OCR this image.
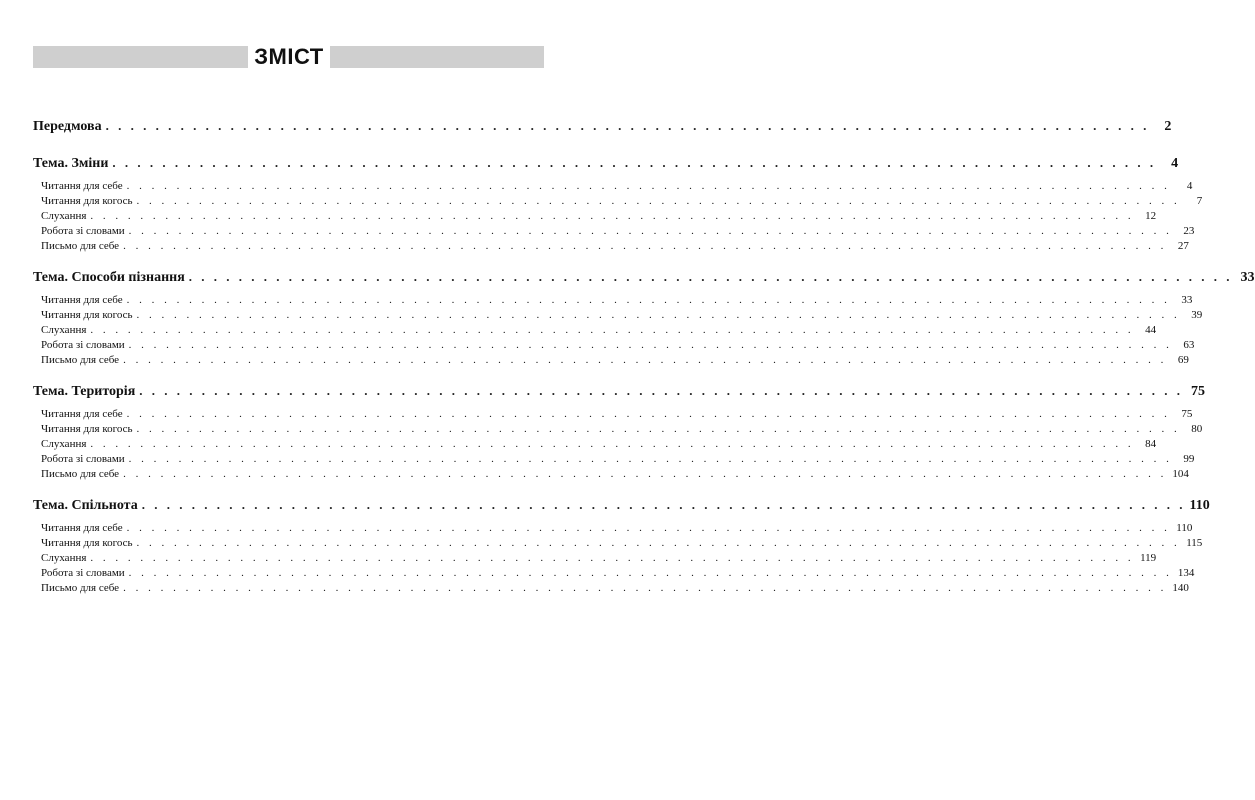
ЗМІСТ
Передмова . . . . . . . . . . . . . . . . . . . . . . . . . . . . . . . . . . . . . . . . . . . . . . . . . . . . . . . . . . . . . . . . . . . . . . . . . . . . . . . . . . . .	2
Тема. Зміни . . . . . . . . . . . . . . . . . . . . . . . . . . . . . . . . . . . . . . . . . . . . . . . . . . . . . . . . . . . . . . . . . . . . . . . . . . . . . . . . . . . .	4
Читання для себе . . . . . . . . . . . . . . . . . . . . . . . . . . . . . . . . . . . . . . . . . . . . . . . . . . . . . . . . . . . . . . . . . . . . . . . . . . . . . . . . . . . .	4
Читання для когось . . . . . . . . . . . . . . . . . . . . . . . . . . . . . . . . . . . . . . . . . . . . . . . . . . . . . . . . . . . . . . . . . . . . . . . . . . . . . . . . . . . .	7
Слухання . . . . . . . . . . . . . . . . . . . . . . . . . . . . . . . . . . . . . . . . . . . . . . . . . . . . . . . . . . . . . . . . . . . . . . . . . . . . . . . . . . . .	12
Робота зі словами . . . . . . . . . . . . . . . . . . . . . . . . . . . . . . . . . . . . . . . . . . . . . . . . . . . . . . . . . . . . . . . . . . . . . . . . . . . . . . . . . . . .	23
Письмо для себе . . . . . . . . . . . . . . . . . . . . . . . . . . . . . . . . . . . . . . . . . . . . . . . . . . . . . . . . . . . . . . . . . . . . . . . . . . . . . . . . . . . .	27
Тема. Способи пізнання . . . . . . . . . . . . . . . . . . . . . . . . . . . . . . . . . . . . . . . . . . . . . . . . . . . . . . . . . . . . . . . . . . . . . . . . . . . . . . . . . . . . 33
Читання для себе . . . . . . . . . . . . . . . . . . . . . . . . . . . . . . . . . . . . . . . . . . . . . . . . . . . . . . . . . . . . . . . . . . . . . . . . . . . . . . . . . . . .	33
Читання для когось . . . . . . . . . . . . . . . . . . . . . . . . . . . . . . . . . . . . . . . . . . . . . . . . . . . . . . . . . . . . . . . . . . . . . . . . . . . . . . . . . . . .	39
Слухання . . . . . . . . . . . . . . . . . . . . . . . . . . . . . . . . . . . . . . . . . . . . . . . . . . . . . . . . . . . . . . . . . . . . . . . . . . . . . . . . . . . .	44
Робота зі словами . . . . . . . . . . . . . . . . . . . . . . . . . . . . . . . . . . . . . . . . . . . . . . . . . . . . . . . . . . . . . . . . . . . . . . . . . . . . . . . . . . . .	63
Письмо для себе . . . . . . . . . . . . . . . . . . . . . . . . . . . . . . . . . . . . . . . . . . . . . . . . . . . . . . . . . . . . . . . . . . . . . . . . . . . . . . . . . . . .	69
Тема. Територія . . . . . . . . . . . . . . . . . . . . . . . . . . . . . . . . . . . . . . . . . . . . . . . . . . . . . . . . . . . . . . . . . . . . . . . . . . . . . . . . . . . . 75
Читання для себе . . . . . . . . . . . . . . . . . . . . . . . . . . . . . . . . . . . . . . . . . . . . . . . . . . . . . . . . . . . . . . . . . . . . . . . . . . . . . . . . . . . .	75
Читання для когось . . . . . . . . . . . . . . . . . . . . . . . . . . . . . . . . . . . . . . . . . . . . . . . . . . . . . . . . . . . . . . . . . . . . . . . . . . . . . . . . . . . .	80
Слухання . . . . . . . . . . . . . . . . . . . . . . . . . . . . . . . . . . . . . . . . . . . . . . . . . . . . . . . . . . . . . . . . . . . . . . . . . . . . . . . . . . . .	84
Робота зі словами . . . . . . . . . . . . . . . . . . . . . . . . . . . . . . . . . . . . . . . . . . . . . . . . . . . . . . . . . . . . . . . . . . . . . . . . . . . . . . . . . . . .	99
Письмо для себе . . . . . . . . . . . . . . . . . . . . . . . . . . . . . . . . . . . . . . . . . . . . . . . . . . . . . . . . . . . . . . . . . . . . . . . . . . . . . . . . . . . . 104
Тема. Спільнота . . . . . . . . . . . . . . . . . . . . . . . . . . . . . . . . . . . . . . . . . . . . . . . . . . . . . . . . . . . . . . . . . . . . . . . . . . . . . . . . . . . . 110
Читання для себе . . . . . . . . . . . . . . . . . . . . . . . . . . . . . . . . . . . . . . . . . . . . . . . . . . . . . . . . . . . . . . . . . . . . . . . . . . . . . . . . . . . . 110
Читання для когось . . . . . . . . . . . . . . . . . . . . . . . . . . . . . . . . . . . . . . . . . . . . . . . . . . . . . . . . . . . . . . . . . . . . . . . . . . . . . . . . . . . . 115
Слухання . . . . . . . . . . . . . . . . . . . . . . . . . . . . . . . . . . . . . . . . . . . . . . . . . . . . . . . . . . . . . . . . . . . . . . . . . . . . . . . . . . . . 119
Робота зі словами . . . . . . . . . . . . . . . . . . . . . . . . . . . . . . . . . . . . . . . . . . . . . . . . . . . . . . . . . . . . . . . . . . . . . . . . . . . . . . . . . . . . 134
Письмо для себе . . . . . . . . . . . . . . . . . . . . . . . . . . . . . . . . . . . . . . . . . . . . . . . . . . . . . . . . . . . . . . . . . . . . . . . . . . . . . . . . . . . . 140
